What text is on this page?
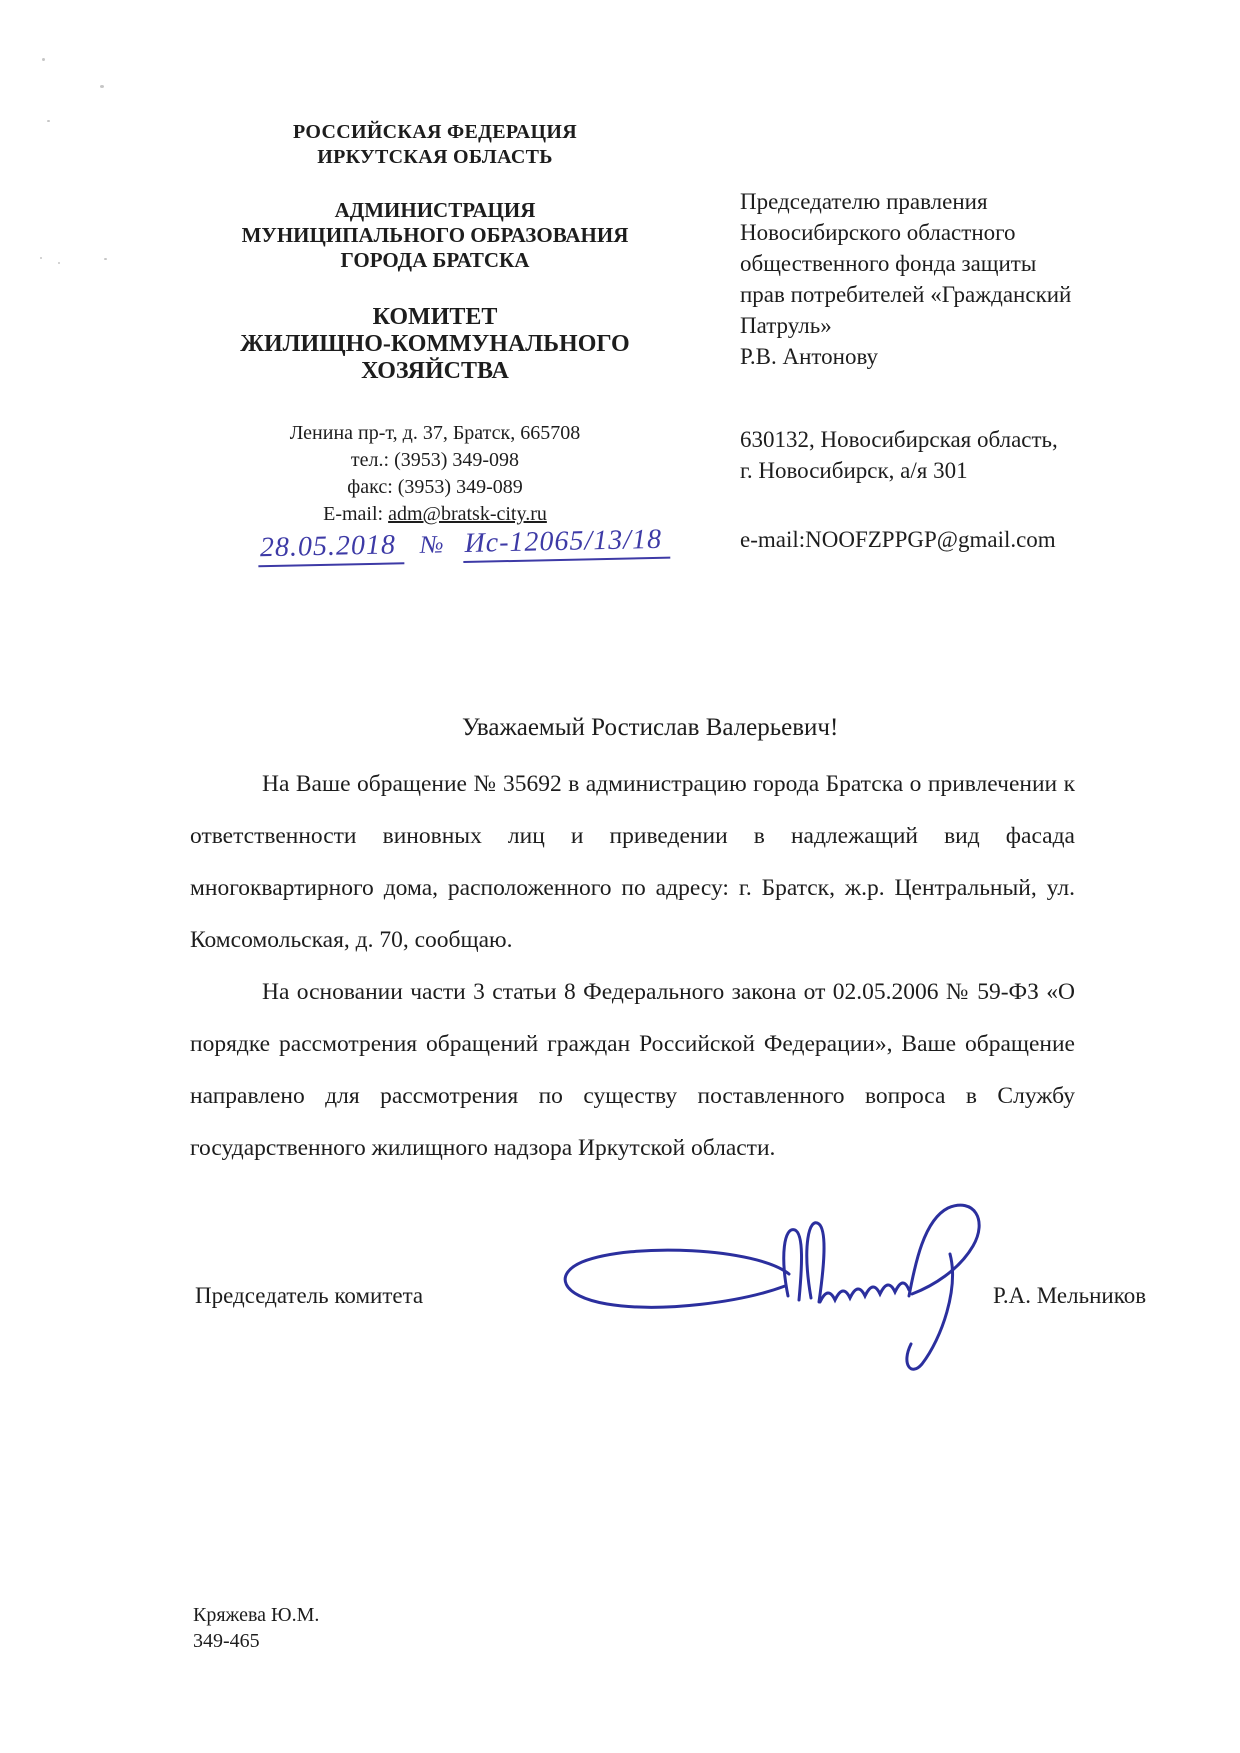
РОССИЙСКАЯ ФЕДЕРАЦИЯ
ИРКУТСКАЯ ОБЛАСТЬ
АДМИНИСТРАЦИЯ
МУНИЦИПАЛЬНОГО ОБРАЗОВАНИЯ
ГОРОДА БРАТСКА
КОМИТЕТ
ЖИЛИЩНО-КОММУНАЛЬНОГО
ХОЗЯЙСТВА
Ленина пр-т, д. 37, Братск, 665708
тел.: (3953) 349-098
факс: (3953) 349-089
E-mail: adm@bratsk-city.ru
28.05.2018 № Ис-12065/13/18
Председателю правления
Новосибирского областного
общественного фонда защиты
прав потребителей «Гражданский
Патруль»
Р.В. Антонову
630132, Новосибирская область,
г. Новосибирск, а/я 301
e-mail:NOOFZPPGP@gmail.com
Уважаемый Ростислав Валерьевич!

На Ваше обращение № 35692 в администрацию города Братска о привлечении к ответственности виновных лиц и приведении в надлежащий вид фасада многоквартирного дома, расположенного по адресу: г. Братск, ж.р. Центральный, ул. Комсомольская, д. 70, сообщаю.

На основании части 3 статьи 8 Федерального закона от 02.05.2006 № 59-ФЗ «О порядке рассмотрения обращений граждан Российской Федерации», Ваше обращение направлено для рассмотрения по существу поставленного вопроса в Службу государственного жилищного надзора Иркутской области.

Председатель комитета	Р.А. Мельников
Кряжева Ю.М.
349-465
